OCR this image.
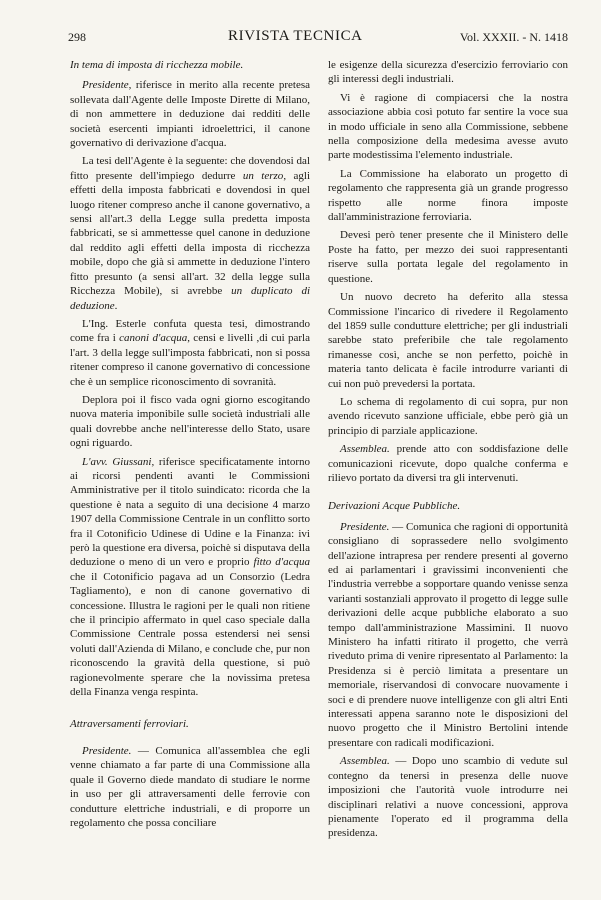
298	RIVISTA TECNICA	Vol. XXXII. - N. 1418
In tema di imposta di ricchezza mobile.

Presidente, riferisce in merito alla recente pretesa sollevata dall'Agente delle Imposte Dirette di Milano, di non ammettere in deduzione dai redditi delle società esercenti impianti idroelettrici, il canone governativo di derivazione d'acqua.

La tesi dell'Agente è la seguente: che dovendosi dal fitto presente dell'impiego dedurre un terzo, agli effetti della imposta fabbricati e dovendosi in quel luogo ritener compreso anche il canone governativo, a sensi all'art.3 della Legge sulla predetta imposta fabbricati, se si ammettesse quel canone in deduzione dal reddito agli effetti della imposta di ricchezza mobile, dopo che già si ammette in deduzione l'intero fitto presunto (a sensi all'art. 32 della legge sulla Ricchezza Mobile), si avrebbe un duplicato di deduzione.

L'Ing. Esterle confuta questa tesi, dimostrando come fra i canoni d'acqua, censi e livelli ,di cui parla l'art. 3 della legge sull'imposta fabbricati, non si possa ritener compreso il canone governativo di concessione che è un semplice riconoscimento di sovranità.

Deplora poi il fisco vada ogni giorno escogitando nuova materia imponibile sulle società industriali alle quali dovrebbe anche nell'interesse dello Stato, usare ogni riguardo.

L'avv. Giussani, riferisce specificatamente intorno ai ricorsi pendenti avanti le Commissioni Amministrative per il titolo suindicato: ricorda che la questione è nata a seguito di una decisione 4 marzo 1907 della Commissione Centrale in un conflitto sorto fra il Cotonificio Udinese di Udine e la Finanza: ivi però la questione era diversa, poichè si disputava della deduzione o meno di un vero e proprio fitto d'acqua che il Cotonificio pagava ad un Consorzio (Ledra Tagliamento), e non di canone governativo di concessione. Illustra le ragioni per le quali non ritiene che il principio affermato in quel caso speciale dalla Commissione Centrale possa estendersi nei sensi voluti dall'Azienda di Milano, e conclude che, pur non riconoscendo la gravità della questione, si può ragionevolmente sperare che la novissima pretesa della Finanza venga respinta.

Attraversamenti ferroviari.

Presidente. — Comunica all'assemblea che egli venne chiamato a far parte di una Commissione alla quale il Governo diede mandato di studiare le norme in uso per gli attraversamenti delle ferrovie con condutture elettriche industriali, e di proporre un regolamento che possa conciliare

le esigenze della sicurezza d'esercizio ferroviario con gli interessi degli industriali.

Vi è ragione di compiacersi che la nostra associazione abbia così potuto far sentire la voce sua in modo ufficiale in seno alla Commissione, sebbene nella composizione della medesima avesse avuto parte modestissima l'elemento industriale.

La Commissione ha elaborato un progetto di regolamento che rappresenta già un grande progresso rispetto alle norme finora imposte dall'amministrazione ferroviaria.

Devesi però tener presente che il Ministero delle Poste ha fatto, per mezzo dei suoi rappresentanti riserve sulla portata legale del regolamento in questione.

Un nuovo decreto ha deferito alla stessa Commissione l'incarico di rivedere il Regolamento del 1859 sulle condutture elettriche; per gli industriali sarebbe stato preferibile che tale regolamento rimanesse così, anche se non perfetto, poichè in materia tanto delicata è facile introdurre varianti di cui non può prevedersi la portata.

Lo schema di regolamento di cui sopra, pur non avendo ricevuto sanzione ufficiale, ebbe però già un principio di parziale applicazione.

Assemblea. prende atto con soddisfazione delle comunicazioni ricevute, dopo qualche conferma e rilievo portato da diversi tra gli intervenuti.

Derivazioni Acque Pubbliche.

Presidente. — Comunica che ragioni di opportunità consigliano di soprassedere nello svolgimento dell'azione intrapresa per rendere presenti al governo ed ai parlamentari i gravissimi inconvenienti che l'industria verrebbe a sopportare quando venisse senza varianti sostanziali approvato il progetto di legge sulle derivazioni delle acque pubbliche elaborato a suo tempo dall'amministrazione Massimini. Il nuovo Ministero ha infatti ritirato il progetto, che verrà riveduto prima di venire ripresentato al Parlamento: la Presidenza si è perciò limitata a presentare un memoriale, riservandosi di convocare nuovamente i soci e di prendere nuove intelligenze con gli altri Enti interessati appena saranno note le disposizioni del nuovo progetto che il Ministro Bertolini intende presentare con radicali modificazioni.

Assemblea. — Dopo uno scambio di vedute sul contegno da tenersi in presenza delle nuove imposizioni che l'autorità vuole introdurre nei disciplinari relativi a nuove concessioni, approva pienamente l'operato ed il programma della presidenza.
